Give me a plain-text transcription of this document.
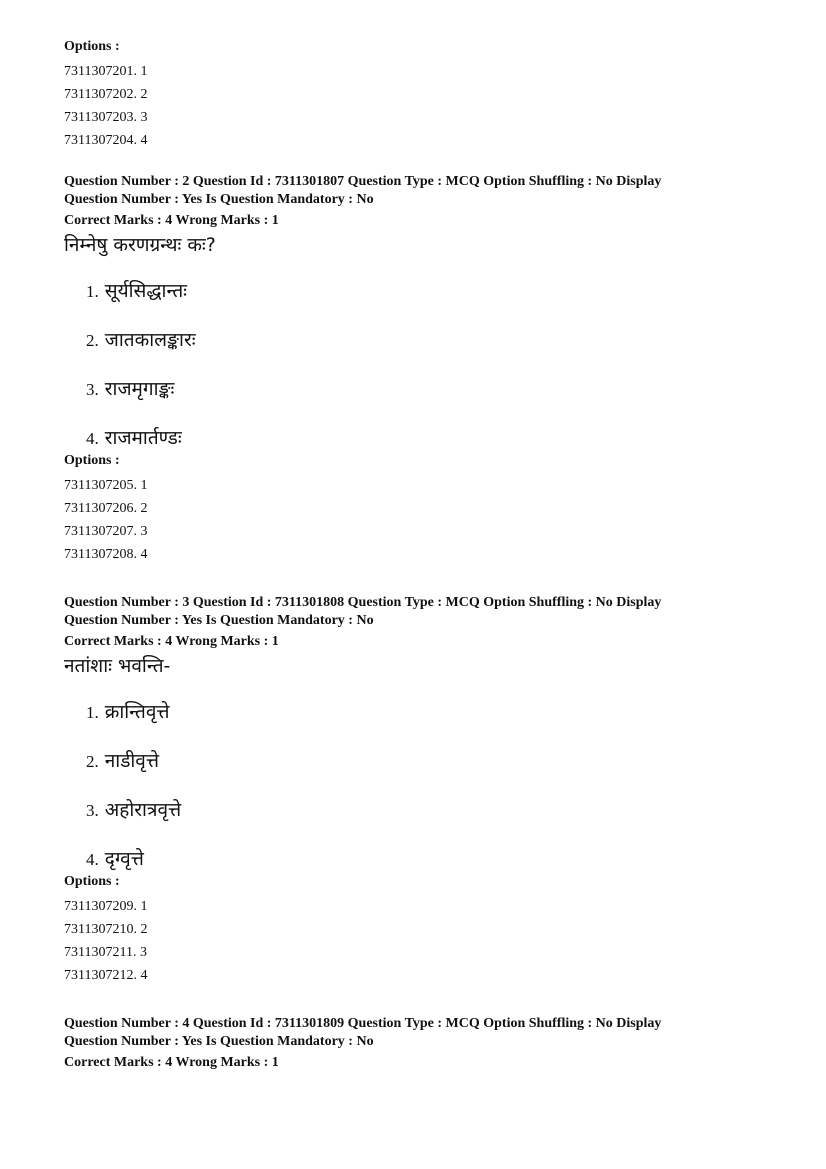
Options :
7311307201. 1
7311307202. 2
7311307203. 3
7311307204. 4
Question Number : 2 Question Id : 7311301807 Question Type : MCQ Option Shuffling : No Display
Question Number : Yes Is Question Mandatory : No
Correct Marks : 4 Wrong Marks : 1
निम्नेषु करणग्रन्थः कः?
1. सूर्यसिद्धान्तः
2. जातकालङ्कारः
3. राजमृगाङ्कः
4. राजमार्तण्डः
Options :
7311307205. 1
7311307206. 2
7311307207. 3
7311307208. 4
Question Number : 3 Question Id : 7311301808 Question Type : MCQ Option Shuffling : No Display
Question Number : Yes Is Question Mandatory : No
Correct Marks : 4 Wrong Marks : 1
नतांशाः भवन्ति-
1. क्रान्तिवृत्ते
2. नाडीवृत्ते
3. अहोरात्रवृत्ते
4. दृग्वृत्ते
Options :
7311307209. 1
7311307210. 2
7311307211. 3
7311307212. 4
Question Number : 4 Question Id : 7311301809 Question Type : MCQ Option Shuffling : No Display
Question Number : Yes Is Question Mandatory : No
Correct Marks : 4 Wrong Marks : 1
